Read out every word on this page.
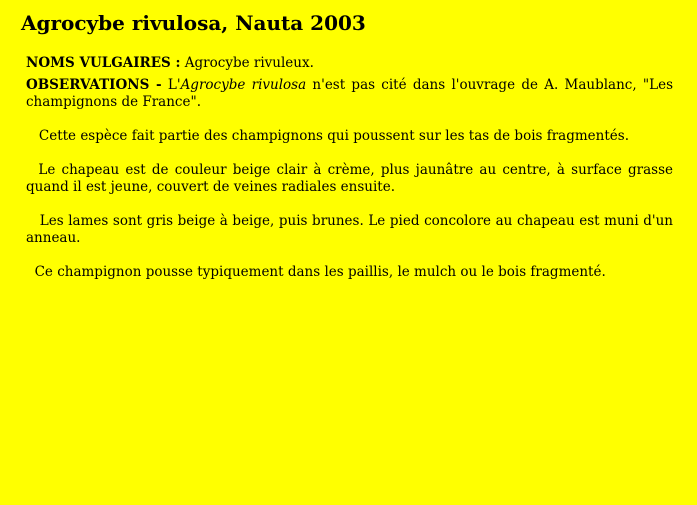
Agrocybe rivulosa, Nauta 2003

NOMS VULGAIRES : Agrocybe rivuleux.

OBSERVATIONS - L'Agrocybe rivulosa n'est pas cité dans l'ouvrage de A. Maublanc, "Les champignons de France".

Cette espèce fait partie des champignons qui poussent sur les tas de bois fragmentés.

Le chapeau est de couleur beige clair à crème, plus jaunâtre au centre, à surface grasse quand il est jeune, couvert de veines radiales ensuite.

Les lames sont gris beige à beige, puis brunes. Le pied concolore au chapeau est muni d'un anneau.

Ce champignon pousse typiquement dans les paillis, le mulch ou le bois fragmenté.
